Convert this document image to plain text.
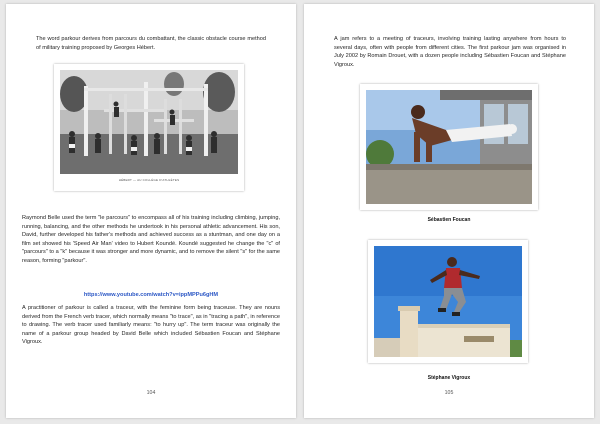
The word parkour derives from parcours du combattant, the classic obstacle course method of military training proposed by Georges Hébert.

HÉBERT — AU COLLÈGE D'ATHLÈTES

Raymond Belle used the term "le parcours" to encompass all of his training including climbing, jumping, running, balancing, and the other methods he undertook in his personal athletic advancement. His son, David, further developed his father's methods and achieved success as a stuntman, and one day on a film set showed his 'Speed Air Man' video to Hubert Koundé. Koundé suggested he change the "c" of "parcours" to a "k" because it was stronger and more dynamic, and to remove the silent "s" for the same reason, forming "parkour".

https://www.youtube.com/watch?v=ippMPPu6gHM

A practitioner of parkour is called a traceur, with the feminine form being traceuse. They are nouns derived from the French verb tracer, which normally means "to trace", as in "tracing a path", in reference to drawing. The verb tracer used familiarly means: "to hurry up". The term traceur was originally the name of a parkour group headed by David Belle which included Sébastien Foucan and Stéphane Vigroux.

104

A jam refers to a meeting of traceurs, involving training lasting anywhere from hours to several days, often with people from different cities. The first parkour jam was organised in July 2002 by Romain Drouet, with a dozen people including Sébastien Foucan and Stéphane Vigroux.

Sébastien Foucan
Stéphane Vigroux
105
